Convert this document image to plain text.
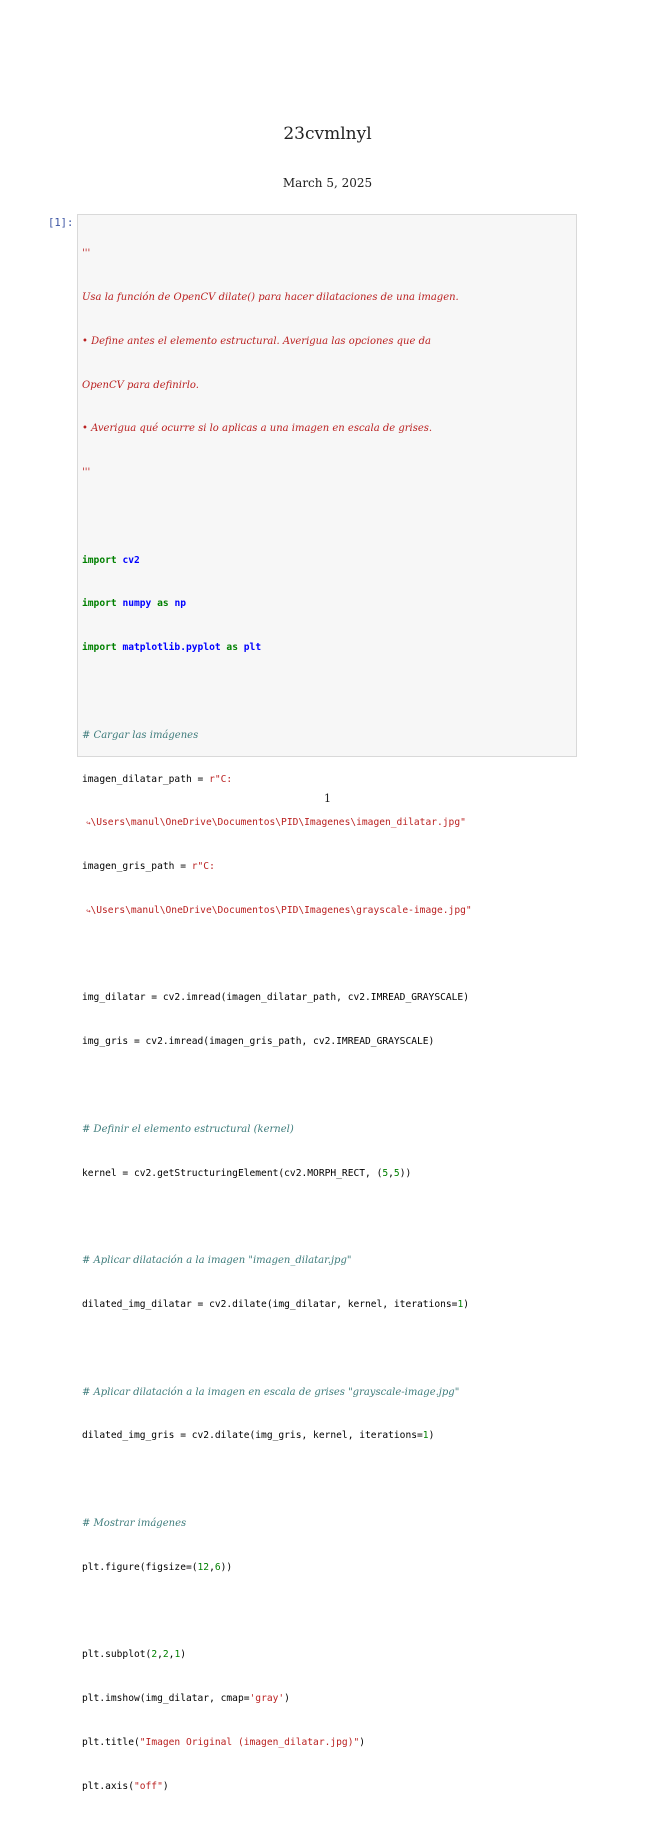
23cvmlnyl
March 5, 2025
[1]:

'''

Usa la función de OpenCV dilate() para hacer dilataciones de una imagen.

• Define antes el elemento estructural. Averigua las opciones que da

OpenCV para definirlo.

• Averigua qué ocurre si lo aplicas a una imagen en escala de grises.

'''

import cv2

import numpy as np

import matplotlib.pyplot as plt

# Cargar las imágenes

imagen_dilatar_path = r"C:

↪\Users\manul\OneDrive\Documentos\PID\Imagenes\imagen_dilatar.jpg"

imagen_gris_path = r"C:

↪\Users\manul\OneDrive\Documentos\PID\Imagenes\grayscale-image.jpg"

img_dilatar = cv2.imread(imagen_dilatar_path, cv2.IMREAD_GRAYSCALE)

img_gris = cv2.imread(imagen_gris_path, cv2.IMREAD_GRAYSCALE)

# Definir el elemento estructural (kernel)

kernel = cv2.getStructuringElement(cv2.MORPH_RECT, (5,5))

# Aplicar dilatación a la imagen "imagen_dilatar.jpg"

dilated_img_dilatar = cv2.dilate(img_dilatar, kernel, iterations=1)

# Aplicar dilatación a la imagen en escala de grises "grayscale-image.jpg"

dilated_img_gris = cv2.dilate(img_gris, kernel, iterations=1)

# Mostrar imágenes

plt.figure(figsize=(12,6))

plt.subplot(2,2,1)

plt.imshow(img_dilatar, cmap='gray')

plt.title("Imagen Original (imagen_dilatar.jpg)")

plt.axis("off")

1
